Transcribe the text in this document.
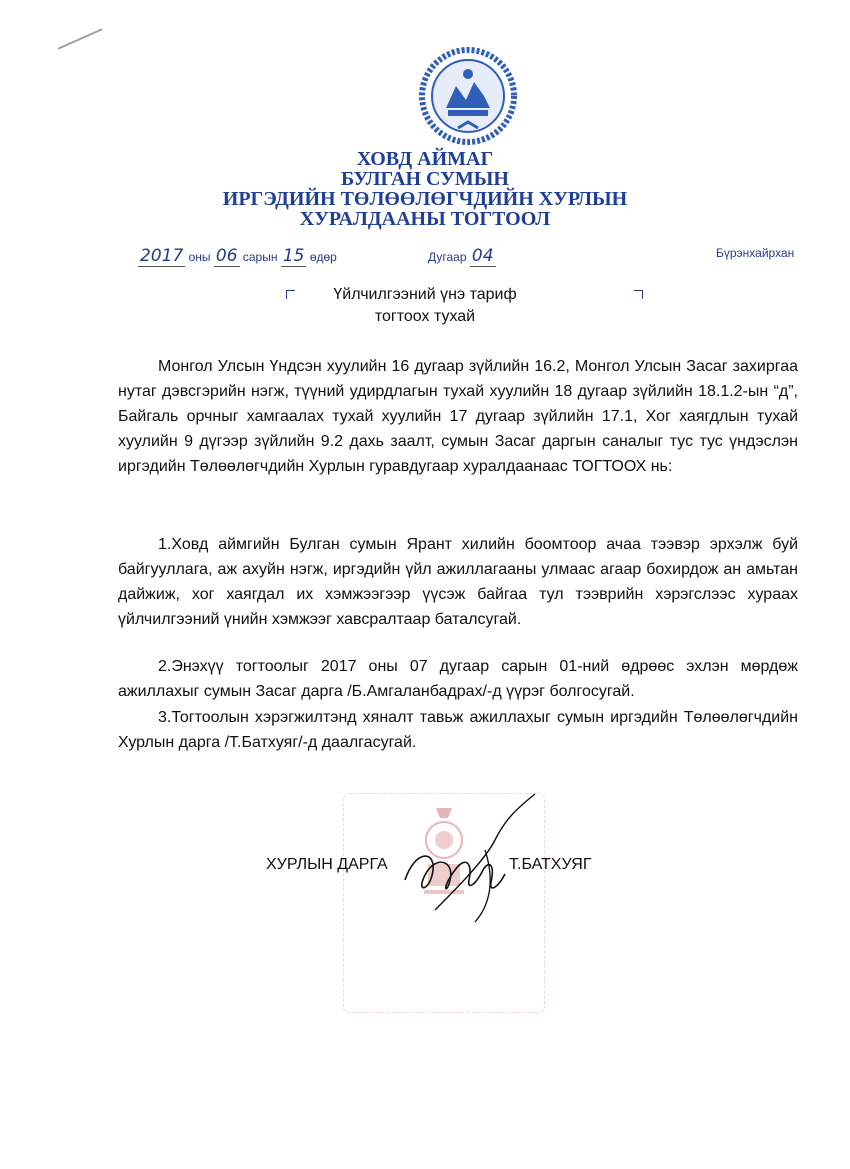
ХОВД АЙМАГ
БУЛГАН СУМЫН
ИРГЭДИЙН ТӨЛӨӨЛӨГЧДИЙН ХУРЛЫН
ХУРАЛДААНЫ ТОГТООЛ
2017 оны 06 сарын 15 өдөр	Дугаар 04	Бүрэнхайрхан
Үйлчилгээний үнэ тариф
тогтоох тухай
Монгол Улсын Үндсэн хуулийн 16 дугаар зүйлийн 16.2, Монгол Улсын Засаг захиргаа нутаг дэвсгэрийн нэгж, түүний удирдлагын тухай хуулийн 18 дугаар зүйлийн 18.1.2-ын “д”, Байгаль орчныг хамгаалах тухай хуулийн 17 дугаар зүйлийн 17.1, Хог хаягдлын тухай хуулийн 9 дүгээр зүйлийн 9.2 дахь заалт, сумын Засаг даргын саналыг тус тус үндэслэн иргэдийн Төлөөлөгчдийн Хурлын гуравдугаар хуралдаанаас ТОГТООХ нь:
1.Ховд аймгийн Булган сумын Ярант хилийн боомтоор ачаа тээвэр эрхэлж буй байгууллага, аж ахуйн нэгж, иргэдийн үйл ажиллагааны улмаас агаар бохирдож ан амьтан дайжиж, хог хаягдал их хэмжээгээр үүсэж байгаа тул тээврийн хэрэгслээс хураах үйлчилгээний үнийн хэмжээг хавсралтаар баталсугай.
2.Энэхүү тогтоолыг 2017 оны 07 дугаар сарын 01-ний өдрөөс эхлэн мөрдөж ажиллахыг сумын Засаг дарга /Б.Амгаланбадрах/-д үүрэг болгосугай.
3.Тогтоолын хэрэгжилтэнд хяналт тавьж ажиллахыг сумын иргэдийн Төлөөлөгчдийн Хурлын дарга /Т.Батхуяг/-д даалгасугай.
ХУРЛЫН ДАРГА	Т.БАТХУЯГ
